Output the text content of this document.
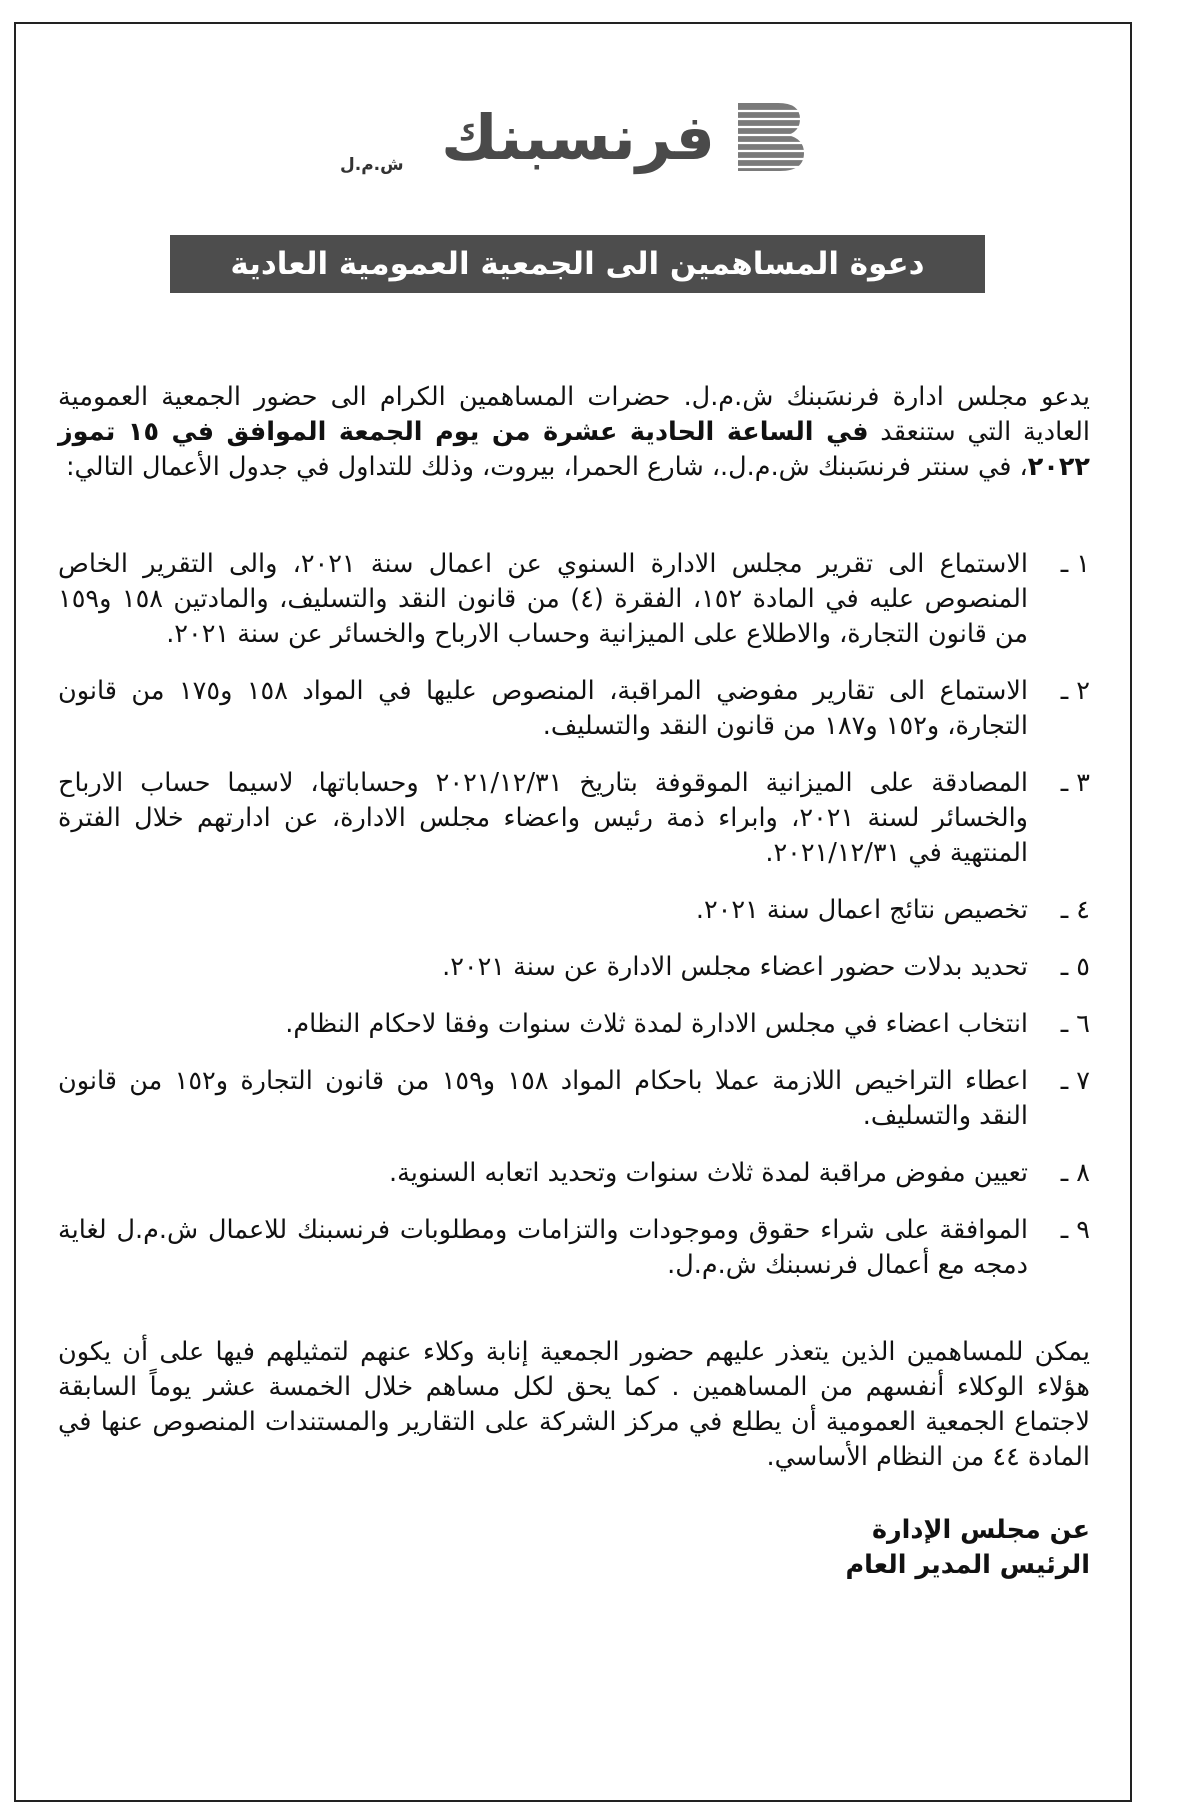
فرنسبنك
ش.م.ل
دعوة المساهمين الى الجمعية العمومية العادية السنوية

يدعو مجلس ادارة فرنسَبنك ش.م.ل. حضرات المساهمين الكرام الى حضور الجمعية العمومية العادية التي ستنعقد في الساعة الحادية عشرة من يوم الجمعة الموافق في ١٥ تموز ٢٠٢٢، في سنتر فرنسَبنك ش.م.ل.، شارع الحمرا، بيروت، وذلك للتداول في جدول الأعمال التالي:

١ ـ
الاستماع الى تقرير مجلس الادارة السنوي عن اعمال سنة ٢٠٢١، والى التقرير الخاص المنصوص عليه في المادة ١٥٢، الفقرة (٤) من قانون النقد والتسليف، والمادتين ١٥٨ و١٥٩ من قانون التجارة، والاطلاع على الميزانية وحساب الارباح والخسائر عن سنة ٢٠٢١.
٢ ـ
الاستماع الى تقارير مفوضي المراقبة، المنصوص عليها في المواد ١٥٨ و١٧٥ من قانون التجارة، و١٥٢ و١٨٧ من قانون النقد والتسليف.
٣ ـ
المصادقة على الميزانية الموقوفة بتاريخ ٢٠٢١/١٢/٣١ وحساباتها، لاسيما حساب الارباح والخسائر لسنة ٢٠٢١، وابراء ذمة رئيس واعضاء مجلس الادارة، عن ادارتهم خلال الفترة المنتهية في ٢٠٢١/١٢/٣١.
٤ ـ
تخصيص نتائج اعمال سنة ٢٠٢١.
٥ ـ
تحديد بدلات حضور اعضاء مجلس الادارة عن سنة ٢٠٢١.
٦ ـ
انتخاب اعضاء في مجلس الادارة لمدة ثلاث سنوات وفقا لاحكام النظام.
٧ ـ
اعطاء التراخيص اللازمة عملا باحكام المواد ١٥٨ و١٥٩ من قانون التجارة و١٥٢ من قانون النقد والتسليف.
٨ ـ
تعيين مفوض مراقبة لمدة ثلاث سنوات وتحديد اتعابه السنوية.
٩ ـ
الموافقة على شراء حقوق وموجودات والتزامات ومطلوبات فرنسبنك للاعمال ش.م.ل لغاية دمجه مع أعمال فرنسبنك ش.م.ل.

يمكن للمساهمين الذين يتعذر عليهم حضور الجمعية إنابة وكلاء عنهم لتمثيلهم فيها على أن يكون هؤلاء الوكلاء أنفسهم من المساهمين . كما يحق لكل مساهم خلال الخمسة عشر يوماً السابقة لاجتماع الجمعية العمومية أن يطلع في مركز الشركة على التقارير والمستندات المنصوص عنها في المادة ٤٤ من النظام الأساسي.

عن مجلس الإدارة
الرئيس المدير العام
